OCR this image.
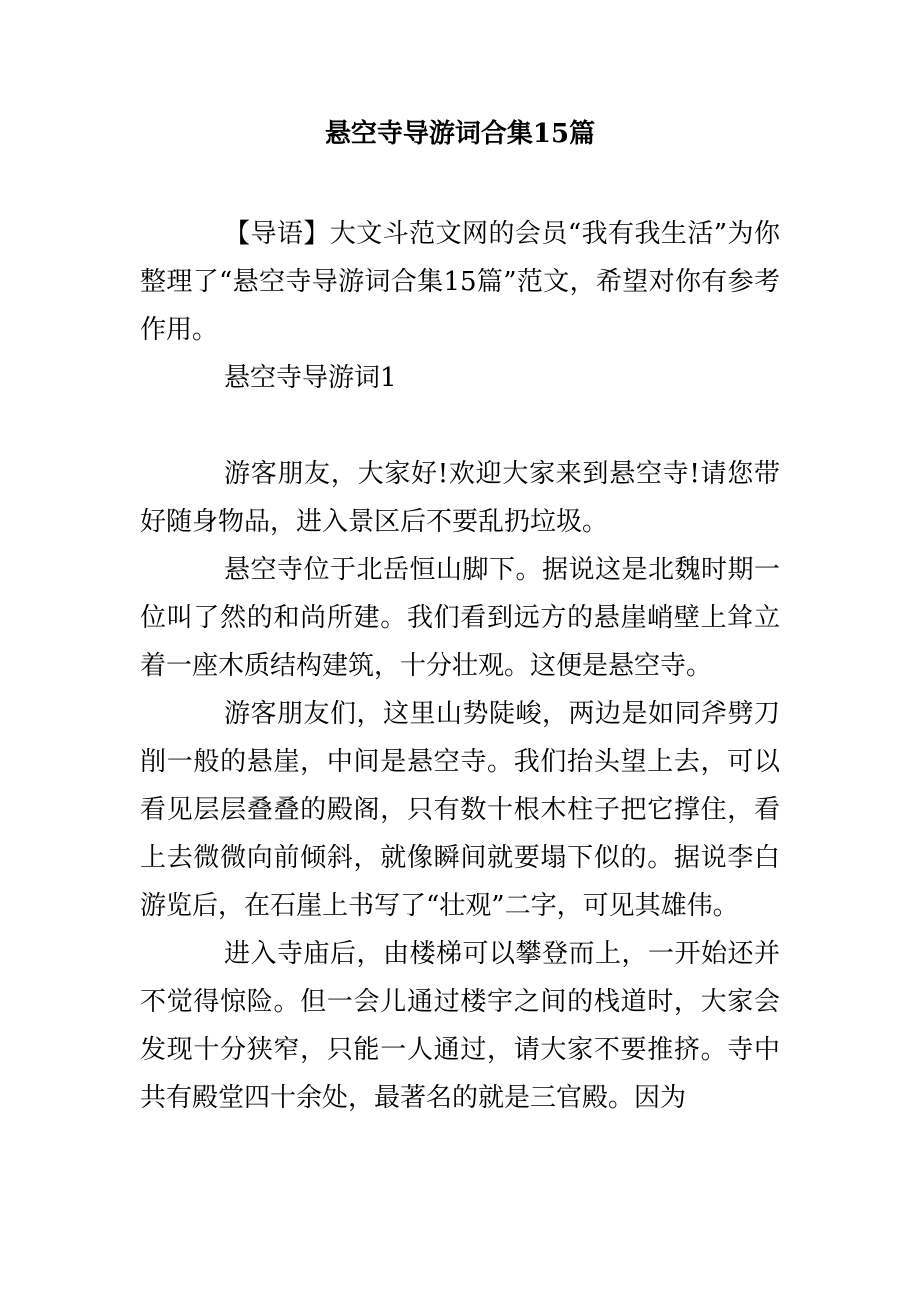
悬空寺导游词合集15篇

【导语】大文斗范文网的会员“我有我生活”为你整理了“悬空寺导游词合集15篇”范文，希望对你有参考作用。

悬空寺导游词1

游客朋友，大家好!欢迎大家来到悬空寺!请您带好随身物品，进入景区后不要乱扔垃圾。

悬空寺位于北岳恒山脚下。据说这是北魏时期一位叫了然的和尚所建。我们看到远方的悬崖峭壁上耸立着一座木质结构建筑，十分壮观。这便是悬空寺。

游客朋友们，这里山势陡峻，两边是如同斧劈刀削一般的悬崖，中间是悬空寺。我们抬头望上去，可以看见层层叠叠的殿阁，只有数十根木柱子把它撑住，看上去微微向前倾斜，就像瞬间就要塌下似的。据说李白游览后，在石崖上书写了“壮观”二字，可见其雄伟。

进入寺庙后，由楼梯可以攀登而上，一开始还并不觉得惊险。但一会儿通过楼宇之间的栈道时，大家会发现十分狭窄，只能一人通过，请大家不要推挤。寺中共有殿堂四十余处，最著名的就是三官殿。因为
